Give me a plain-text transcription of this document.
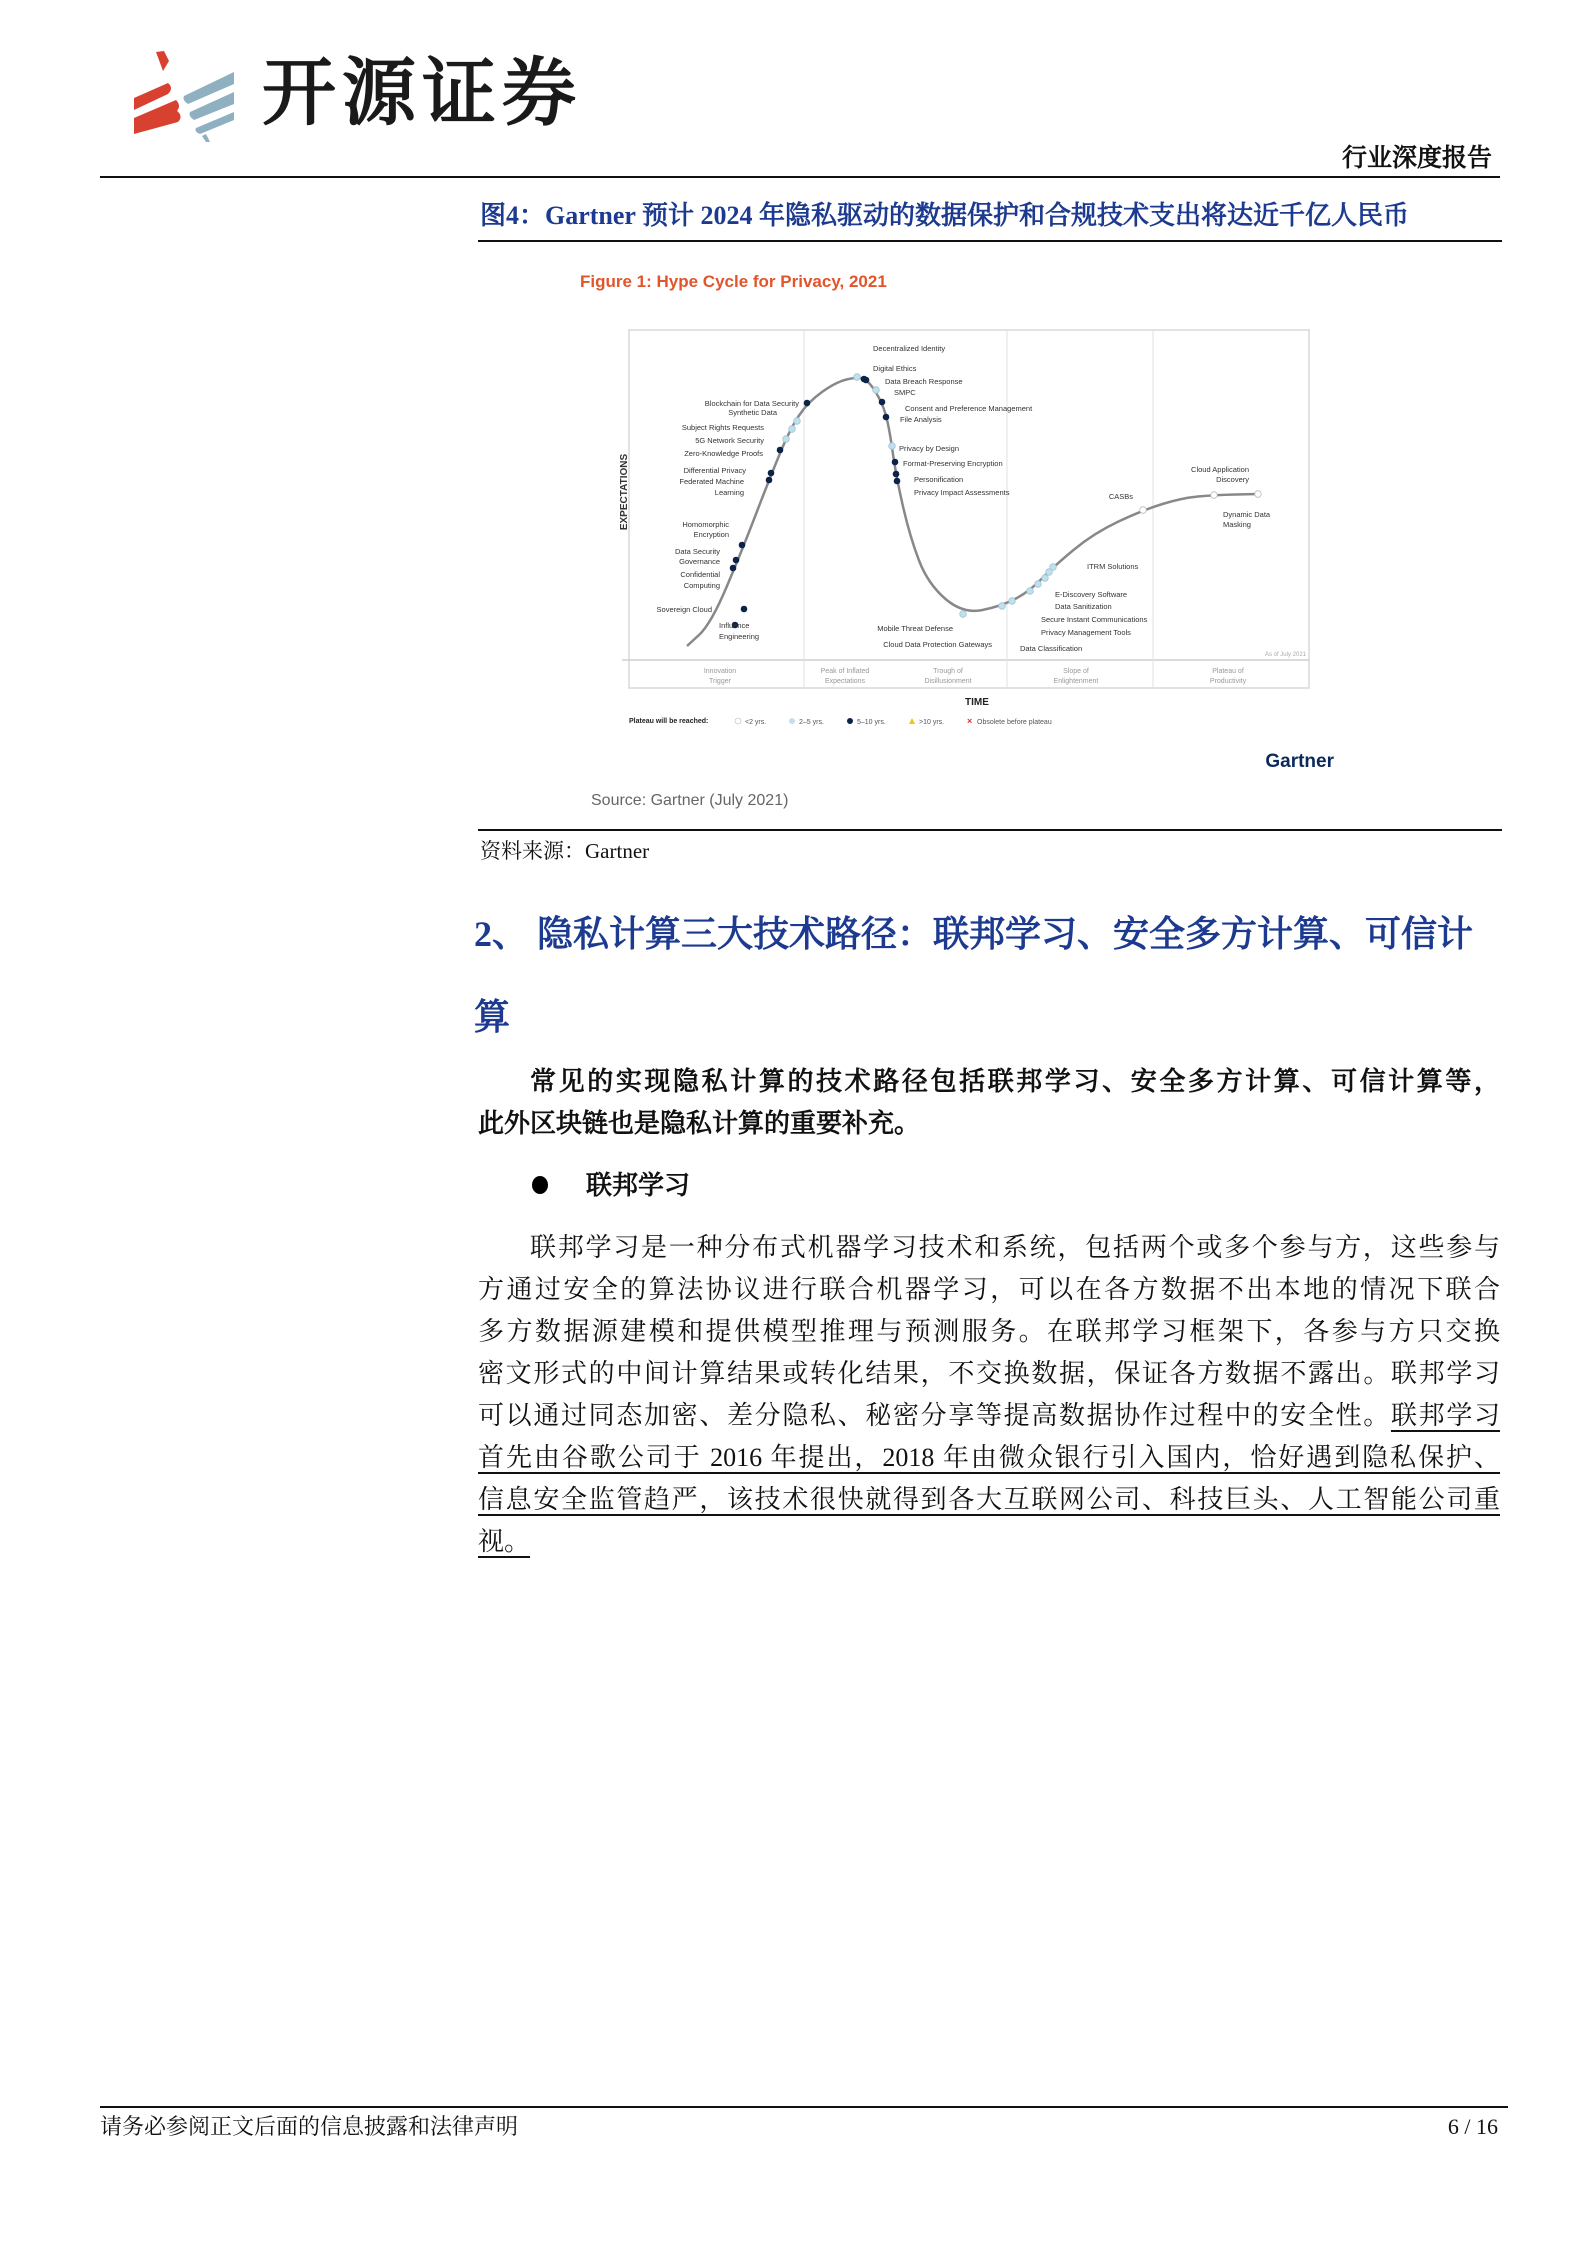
开源证券
行业深度报告
图4：Gartner 预计 2024 年隐私驱动的数据保护和合规技术支出将达近千亿人民币
Figure 1: Hype Cycle for Privacy, 2021
EXPECTATIONS
Influence
Engineering
Sovereign Cloud
Confidential
Computing
Data Security
Governance
Homomorphic
Encryption
Federated Machine
Learning
Differential Privacy
Zero-Knowledge Proofs
5G Network Security
Subject Rights Requests
Synthetic Data
Blockchain for Data Security
Decentralized Identity
Digital Ethics
Data Breach Response
SMPC
Consent and Preference Management
File Analysis
Privacy by Design
Format-Preserving Encryption
Personification
Privacy Impact Assessments
Mobile Threat Defense
Cloud Data Protection Gateways	Data Classification
Privacy Management Tools
Secure Instant Communications
E-Discovery Software
Data Sanitization
ITRM Solutions
CASBs
Cloud Application
Discovery
Dynamic Data
Masking
Innovation
Trigger
Peak of Inflated
Expectations
Trough of
Disillusionment
Slope of
Enlightenment
Plateau of
Productivity
As of July 2021
TIME
Plateau will be reached:	<2 yrs.	2–5 yrs.	5–10 yrs.	>10 yrs.	× Obsolete before plateau
Gartner
Source: Gartner (July 2021)
资料来源：Gartner
2、 隐私计算三大技术路径：联邦学习、安全多方计算、可信计
算
常见的实现隐私计算的技术路径包括联邦学习、安全多方计算、可信计算等，
此外区块链也是隐私计算的重要补充。
联邦学习
联邦学习是一种分布式机器学习技术和系统，包括两个或多个参与方，这些参与
方通过安全的算法协议进行联合机器学习，可以在各方数据不出本地的情况下联合
多方数据源建模和提供模型推理与预测服务。在联邦学习框架下，各参与方只交换
密文形式的中间计算结果或转化结果，不交换数据，保证各方数据不露出。联邦学习
可以通过同态加密、差分隐私、秘密分享等提高数据协作过程中的安全性。联邦学习
首先由谷歌公司于 2016 年提出，2018 年由微众银行引入国内，恰好遇到隐私保护、
信息安全监管趋严，该技术很快就得到各大互联网公司、科技巨头、人工智能公司重
视。
请务必参阅正文后面的信息披露和法律声明	6 / 16
